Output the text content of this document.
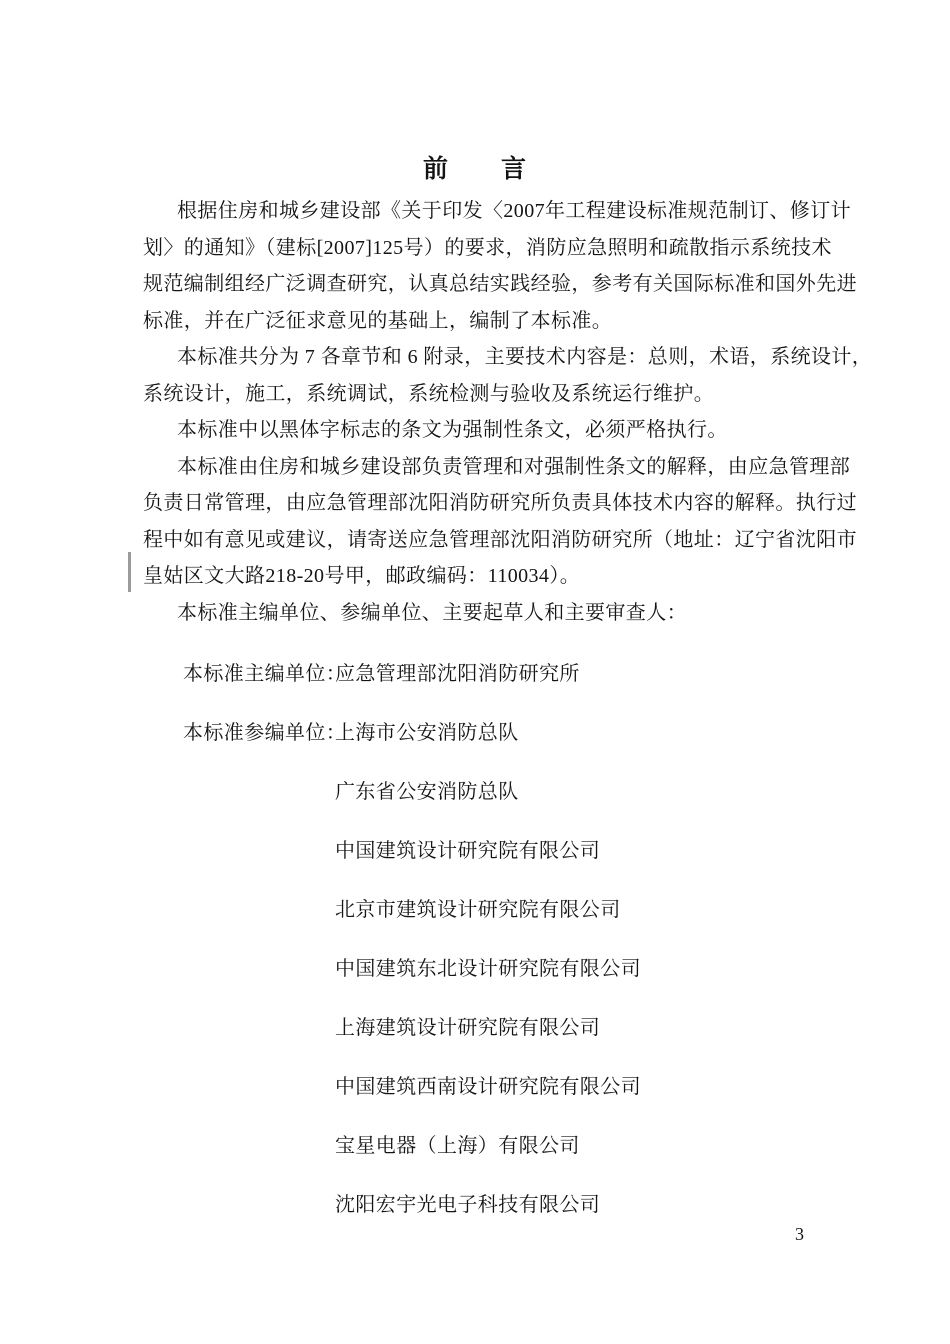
前　　言
根据住房和城乡建设部《关于印发〈2007年工程建设标准规范制订、修订计
划〉的通知》（建标[2007]125号）的要求，消防应急照明和疏散指示系统技术
规范编制组经广泛调查研究，认真总结实践经验，参考有关国际标准和国外先进
标准，并在广泛征求意见的基础上，编制了本标准。
本标准共分为 7 各章节和 6 附录，主要技术内容是：总则，术语，系统设计，
系统设计，施工，系统调试，系统检测与验收及系统运行维护。
本标准中以黑体字标志的条文为强制性条文，必须严格执行。
本标准由住房和城乡建设部负责管理和对强制性条文的解释，由应急管理部
负责日常管理，由应急管理部沈阳消防研究所负责具体技术内容的解释。执行过
程中如有意见或建议，请寄送应急管理部沈阳消防研究所（地址：辽宁省沈阳市
皇姑区文大路218-20号甲，邮政编码：110034）。
本标准主编单位、参编单位、主要起草人和主要审查人：
本标准主编单位：应急管理部沈阳消防研究所
本标准参编单位：上海市公安消防总队
广东省公安消防总队
中国建筑设计研究院有限公司
北京市建筑设计研究院有限公司
中国建筑东北设计研究院有限公司
上海建筑设计研究院有限公司
中国建筑西南设计研究院有限公司
宝星电器（上海）有限公司
沈阳宏宇光电子科技有限公司
3
